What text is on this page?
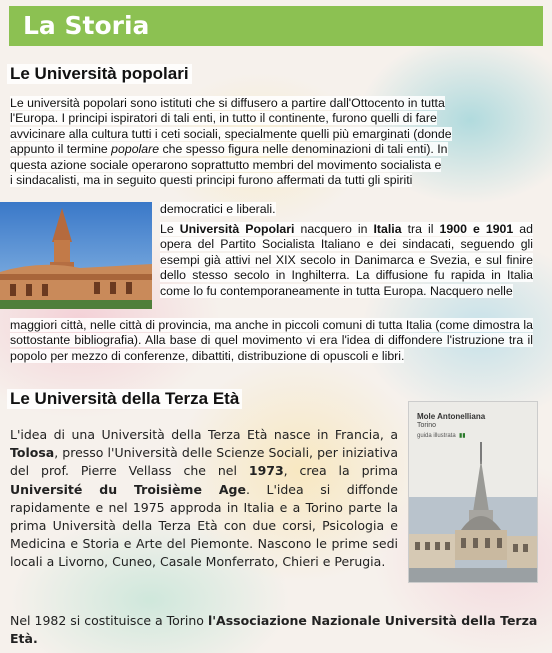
La Storia
Le Università popolari
Le università popolari sono istituti che si diffusero a partire dall'Ottocento in tutta
l'Europa. I principi ispiratori di tali enti, in tutto il continente, furono quelli di fare
avvicinare alla cultura tutti i ceti sociali, specialmente quelli più emarginati (donde
appunto il termine popolare che spesso figura nelle denominazioni di tali enti). In
questa azione sociale operarono soprattutto membri del movimento socialista e
i sindacalisti, ma in seguito questi principi furono affermati da tutti gli spiriti
democratici e liberali.
Le Università Popolari nacquero in Italia tra il 1900 e 1901 ad opera del Partito Socialista Italiano e dei sindacati, seguendo gli esempi già attivi nel XIX secolo in Danimarca e Svezia, e sul finire dello stesso secolo in Inghilterra. La diffusione fu rapida in Italia come lo fu contemporaneamente in tutta Europa. Nacquero nelle
maggiori città, nelle città di provincia, ma anche in piccoli comuni di tutta Italia (come dimostra la sottostante bibliografia). Alla base di quel movimento vi era l'idea di diffondere l'istruzione tra il popolo per mezzo di conferenze, dibattiti, distribuzione di opuscoli e libri.
Le Università della Terza Età
L'idea di una Università della Terza Età nasce in Francia, a Tolosa, presso l'Università delle Scienze Sociali, per iniziativa del prof. Pierre Vellass che nel 1973, crea la prima Université du Troisième Age. L'idea si diffonde rapidamente e nel 1975 approda in Italia e a Torino parte la prima Università della Terza Età con due corsi, Psicologia e Medicina e Storia e Arte del Piemonte. Nascono le prime sedi locali a Livorno, Cuneo, Casale Monferrato, Chieri e Perugia.
Mole Antonelliana
Torino
guida illustrata ▮▮
Nel 1982 si costituisce a Torino l'Associazione Nazionale Università della Terza Età.
